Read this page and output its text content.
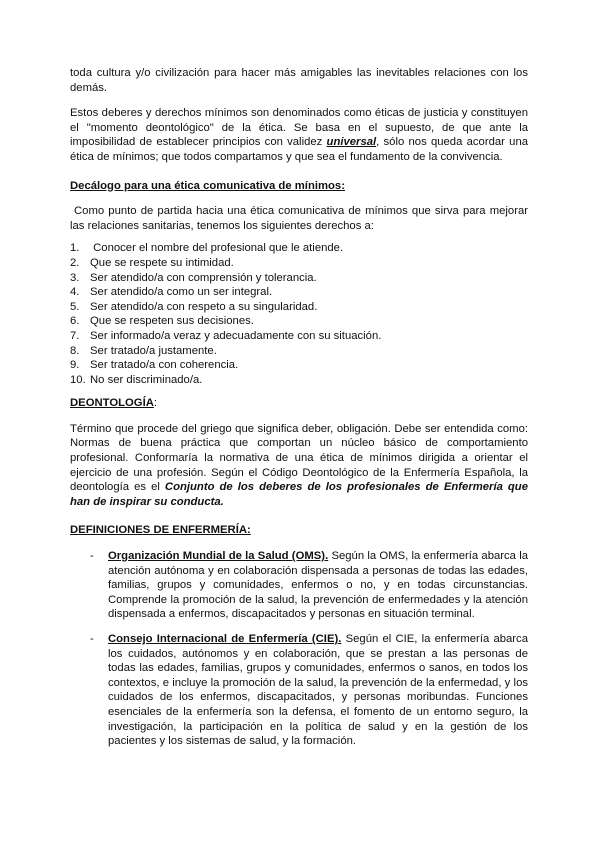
toda cultura y/o civilización para hacer más amigables las inevitables relaciones con los demás.

Estos deberes y derechos mínimos son denominados como éticas de justicia y constituyen el "momento deontológico" de la ética. Se basa en el supuesto, de que ante la imposibilidad de establecer principios con validez universal, sólo nos queda acordar una ética de mínimos; que todos compartamos y que sea el fundamento de la convivencia.

Decálogo para una ética comunicativa de mínimos:

Como punto de partida hacia una ética comunicativa de mínimos que sirva para mejorar las relaciones sanitarias, tenemos los siguientes derechos a:

1. Conocer el nombre del profesional que le atiende.
2. Que se respete su intimidad.
3. Ser atendido/a con comprensión y tolerancia.
4. Ser atendido/a como un ser integral.
5. Ser atendido/a con respeto a su singularidad.
6. Que se respeten sus decisiones.
7. Ser informado/a veraz y adecuadamente con su situación.
8. Ser tratado/a justamente.
9. Ser tratado/a con coherencia.
10. No ser discriminado/a.

DEONTOLOGÍA:

Término que procede del griego que significa deber, obligación. Debe ser entendida como: Normas de buena práctica que comportan un núcleo básico de comportamiento profesional. Conformaría la normativa de una ética de mínimos dirigida a orientar el ejercicio de una profesión. Según el Código Deontológico de la Enfermería Española, la deontología es el Conjunto de los deberes de los profesionales de Enfermería que han de inspirar su conducta.

DEFINICIONES DE ENFERMERÍA:

-	Organización Mundial de la Salud (OMS). Según la OMS, la enfermería abarca la atención autónoma y en colaboración dispensada a personas de todas las edades, familias, grupos y comunidades, enfermos o no, y en todas circunstancias. Comprende la promoción de la salud, la prevención de enfermedades y la atención dispensada a enfermos, discapacitados y personas en situación terminal.

-	Consejo Internacional de Enfermería (CIE). Según el CIE, la enfermería abarca los cuidados, autónomos y en colaboración, que se prestan a las personas de todas las edades, familias, grupos y comunidades, enfermos o sanos, en todos los contextos, e incluye la promoción de la salud, la prevención de la enfermedad, y los cuidados de los enfermos, discapacitados, y personas moribundas. Funciones esenciales de la enfermería son la defensa, el fomento de un entorno seguro, la investigación, la participación en la política de salud y en la gestión de los pacientes y los sistemas de salud, y la formación.
